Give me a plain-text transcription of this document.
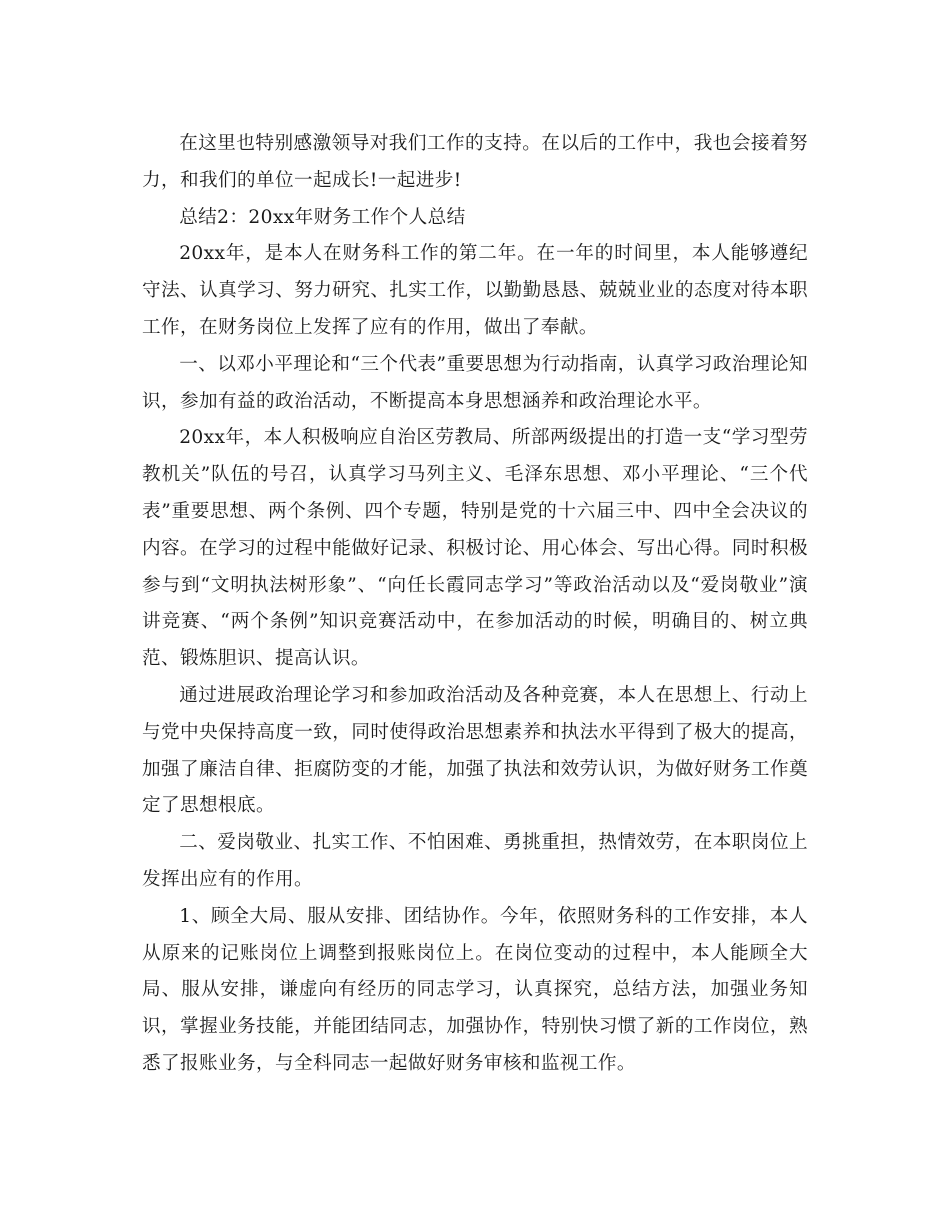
在这里也特别感激领导对我们工作的支持。在以后的工作中，我也会接着努力，和我们的单位一起成长!一起进步!

总结2：20xx年财务工作个人总结

20xx年，是本人在财务科工作的第二年。在一年的时间里，本人能够遵纪守法、认真学习、努力研究、扎实工作，以勤勤恳恳、兢兢业业的态度对待本职工作，在财务岗位上发挥了应有的作用，做出了奉献。

一、以邓小平理论和“三个代表”重要思想为行动指南，认真学习政治理论知识，参加有益的政治活动，不断提高本身思想涵养和政治理论水平。

20xx年，本人积极响应自治区劳教局、所部两级提出的打造一支“学习型劳教机关”队伍的号召，认真学习马列主义、毛泽东思想、邓小平理论、“三个代表”重要思想、两个条例、四个专题，特别是党的十六届三中、四中全会决议的内容。在学习的过程中能做好记录、积极讨论、用心体会、写出心得。同时积极参与到“文明执法树形象”、“向任长霞同志学习”等政治活动以及“爱岗敬业”演讲竞赛、“两个条例”知识竞赛活动中，在参加活动的时候，明确目的、树立典范、锻炼胆识、提高认识。

通过进展政治理论学习和参加政治活动及各种竞赛，本人在思想上、行动上与党中央保持高度一致，同时使得政治思想素养和执法水平得到了极大的提高，加强了廉洁自律、拒腐防变的才能，加强了执法和效劳认识，为做好财务工作奠定了思想根底。

二、爱岗敬业、扎实工作、不怕困难、勇挑重担，热情效劳，在本职岗位上发挥出应有的作用。

1、顾全大局、服从安排、团结协作。今年，依照财务科的工作安排，本人从原来的记账岗位上调整到报账岗位上。在岗位变动的过程中，本人能顾全大局、服从安排，谦虚向有经历的同志学习，认真探究，总结方法，加强业务知识，掌握业务技能，并能团结同志，加强协作，特别快习惯了新的工作岗位，熟悉了报账业务，与全科同志一起做好财务审核和监视工作。
